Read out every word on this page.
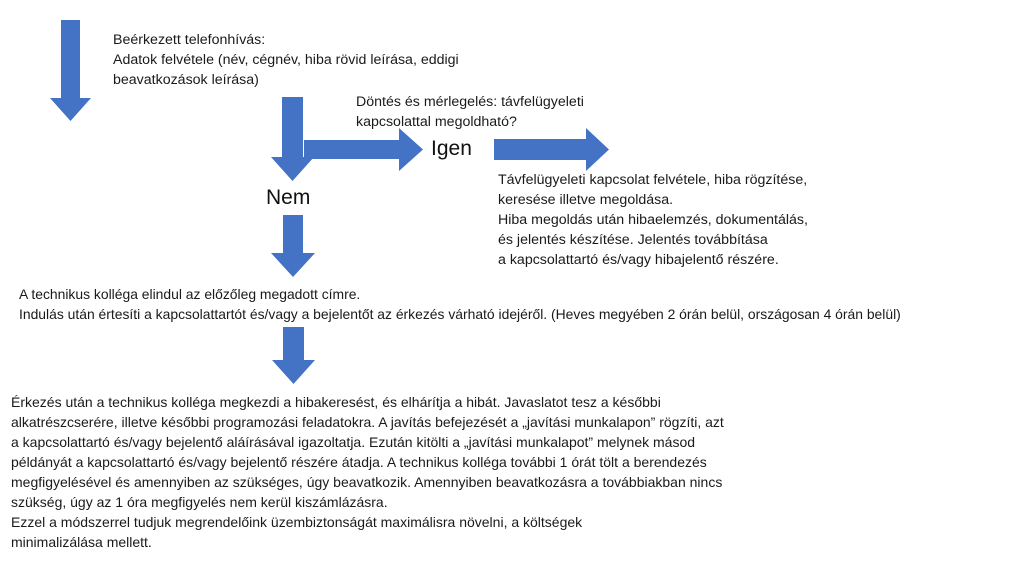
Beérkezett telefonhívás:
Adatok felvétele (név, cégnév, hiba rövid leírása, eddigi
beavatkozások leírása)
Döntés és mérlegelés: távfelügyeleti
kapcsolattal megoldható?
Igen
Nem
Távfelügyeleti kapcsolat felvétele, hiba rögzítése,
keresése illetve megoldása.
Hiba megoldás után hibaelemzés, dokumentálás,
és jelentés készítése. Jelentés továbbítása
a kapcsolattartó és/vagy hibajelentő részére.
A technikus kolléga elindul az előzőleg megadott címre.
Indulás után értesíti a kapcsolattartót és/vagy a bejelentőt az érkezés várható idejéről. (Heves megyében 2 órán belül, országosan 4 órán belül)
Érkezés után a technikus kolléga megkezdi a hibakeresést, és elhárítja a hibát. Javaslatot tesz a későbbi
alkatrészcserére, illetve későbbi programozási feladatokra. A javítás befejezését a „javítási munkalapon” rögzíti, azt
a kapcsolattartó és/vagy bejelentő aláírásával igazoltatja. Ezután kitölti a „javítási munkalapot” melynek másod
példányát a kapcsolattartó és/vagy bejelentő részére átadja. A technikus kolléga további 1 órát tölt a berendezés
megfigyelésével és amennyiben az szükséges, úgy beavatkozik. Amennyiben beavatkozásra a továbbiakban nincs
szükség, úgy az 1 óra megfigyelés nem kerül kiszámlázásra.
Ezzel a módszerrel tudjuk megrendelőink üzembiztonságát maximálisra növelni, a költségek
minimalizálása mellett.
